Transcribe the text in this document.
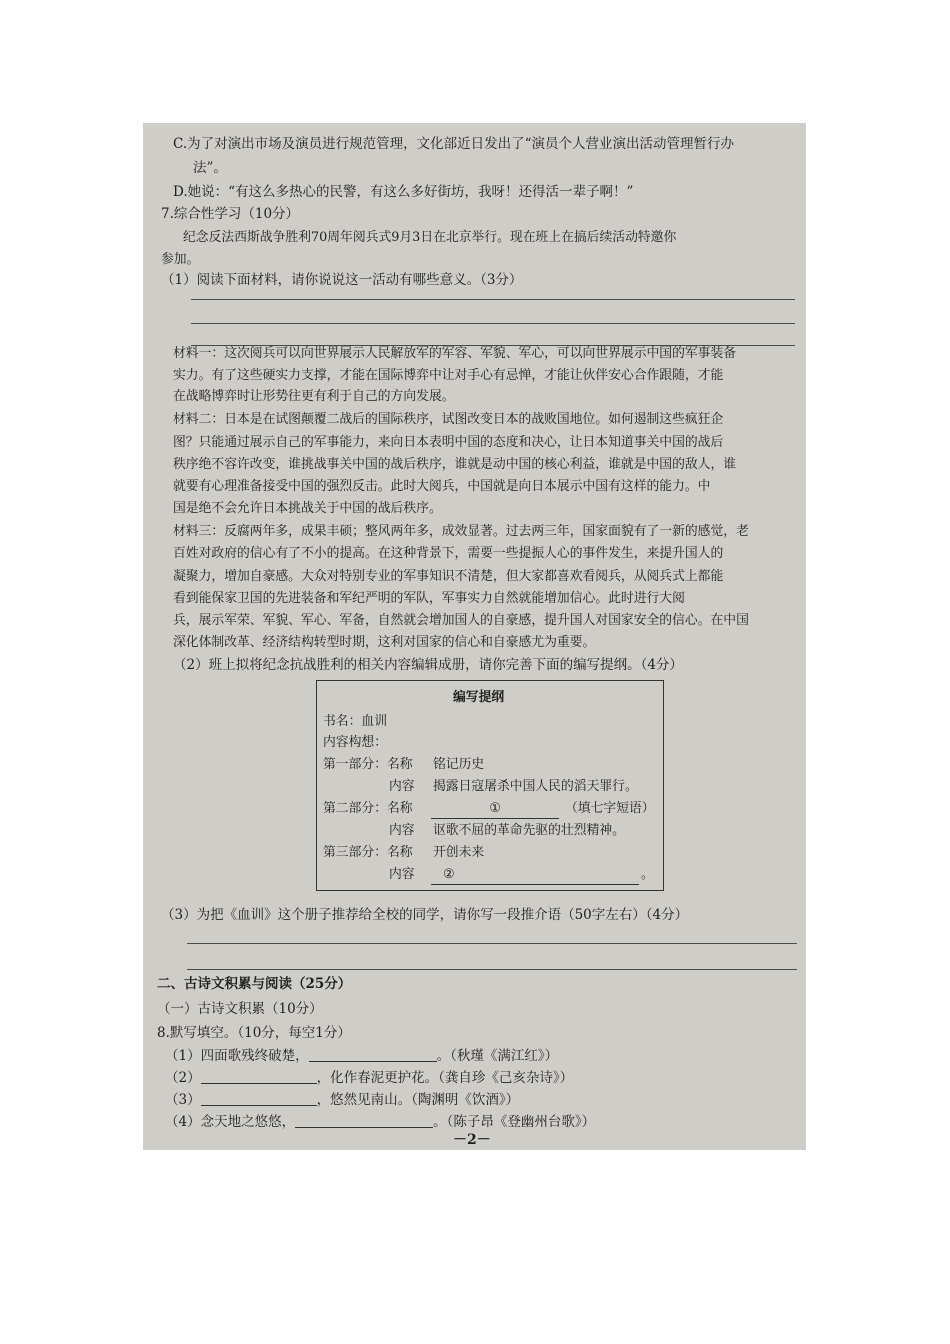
C.为了对演出市场及演员进行规范管理，文化部近日发出了“演员个人营业演出活动管理暂行办
法”。
D.她说：“有这么多热心的民警，有这么多好街坊，我呀！还得活一辈子啊！”
7.综合性学习（10分）
纪念反法西斯战争胜利70周年阅兵式9月3日在北京举行。现在班上在搞后续活动特邀你
参加。
（1）阅读下面材料，请你说说这一活动有哪些意义。（3分）
材料一：这次阅兵可以向世界展示人民解放军的军容、军貌、军心，可以向世界展示中国的军事装备
实力。有了这些硬实力支撑，才能在国际博弈中让对手心有忌惮，才能让伙伴安心合作跟随，才能
在战略博弈时让形势往更有利于自己的方向发展。
材料二：日本是在试图颠覆二战后的国际秩序，试图改变日本的战败国地位。如何遏制这些疯狂企
图？只能通过展示自己的军事能力，来向日本表明中国的态度和决心，让日本知道事关中国的战后
秩序绝不容许改变，谁挑战事关中国的战后秩序，谁就是动中国的核心利益，谁就是中国的敌人，谁
就要有心理准备接受中国的强烈反击。此时大阅兵，中国就是向日本展示中国有这样的能力。中
国是绝不会允许日本挑战关于中国的战后秩序。
材料三：反腐两年多，成果丰硕；整风两年多，成效显著。过去两三年，国家面貌有了一新的感觉，老
百姓对政府的信心有了不小的提高。在这种背景下，需要一些提振人心的事件发生，来提升国人的
凝聚力，增加自豪感。大众对特别专业的军事知识不清楚，但大家都喜欢看阅兵，从阅兵式上都能
看到能保家卫国的先进装备和军纪严明的军队，军事实力自然就能增加信心。此时进行大阅
兵，展示军荣、军貌、军心、军备，自然就会增加国人的自豪感，提升国人对国家安全的信心。在中国
深化体制改革、经济结构转型时期，这利对国家的信心和自豪感尤为重要。
（2）班上拟将纪念抗战胜利的相关内容编辑成册，请你完善下面的编写提纲。（4分）
编写提纲
书名：血训
内容构想：
第一部分：名称 铭记历史
内容 揭露日寇屠杀中国人民的滔天罪行。
第二部分：名称	①	（填七字短语）
内容 讴歌不屈的革命先驱的壮烈精神。
第三部分：名称 开创未来
内容	②	。
（3）为把《血训》这个册子推荐给全校的同学，请你写一段推介语（50字左右）（4分）
二、古诗文积累与阅读（25分）
（一）古诗文积累（10分）
8.默写填空。（10分，每空1分）
（1）四面歌残终破楚，	。（秋瑾《满江红》）
（2）	，化作春泥更护花。（龚自珍《己亥杂诗》）
（3）	，悠然见南山。（陶渊明《饮酒》）
（4）念天地之悠悠，	。（陈子昂《登幽州台歌》）
－2－
